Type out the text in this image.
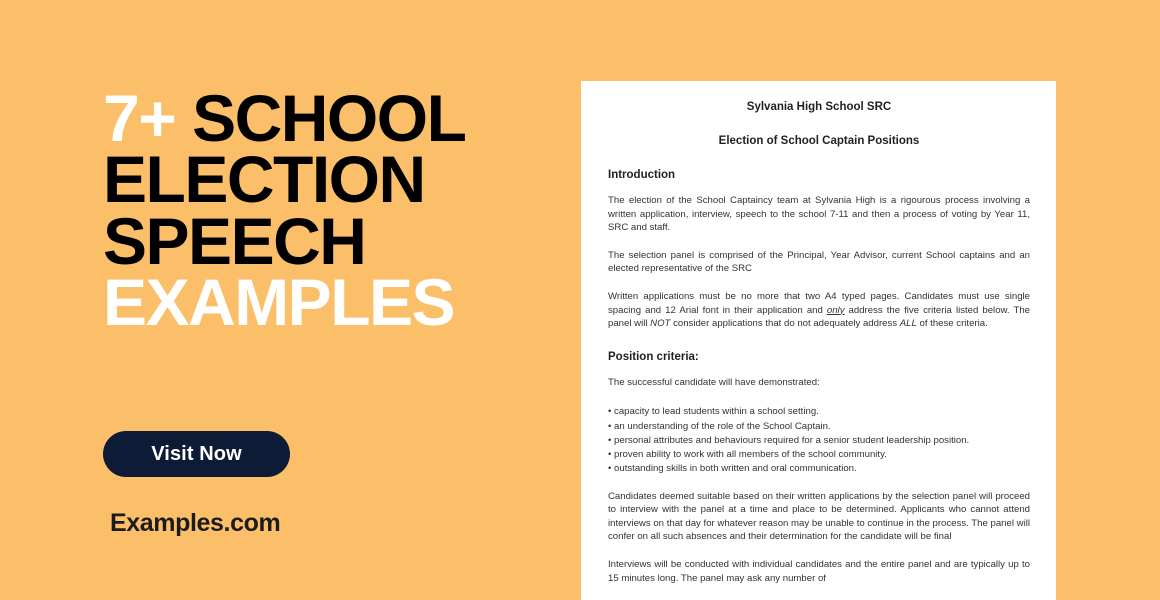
7+ SCHOOL
ELECTION
SPEECH
EXAMPLES
Visit Now
Examples.com
Sylvania High School SRC
Election of School Captain Positions
Introduction

The election of the School Captaincy team at Sylvania High is a rigourous process involving a written application, interview, speech to the school 7-11 and then a process of voting by Year 11, SRC and staff.

The selection panel is comprised of the Principal, Year Advisor, current School captains and an elected representative of the SRC

Written applications must be no more that two A4 typed pages. Candidates must use single spacing and 12 Arial font in their application and only address the five criteria listed below. The panel will NOT consider applications that do not adequately address ALL of these criteria.

Position criteria:

The successful candidate will have demonstrated:

• capacity to lead students within a school setting.
• an understanding of the role of the School Captain.
• personal attributes and behaviours required for a senior student leadership position.
• proven ability to work with all members of the school community.
• outstanding skills in both written and oral communication.

Candidates deemed suitable based on their written applications by the selection panel will proceed to interview with the panel at a time and place to be determined. Applicants who cannot attend interviews on that day for whatever reason may be unable to continue in the process. The panel will confer on all such absences and their determination for the candidate will be final

Interviews will be conducted with individual candidates and the entire panel and are typically up to 15 minutes long. The panel may ask any number of
